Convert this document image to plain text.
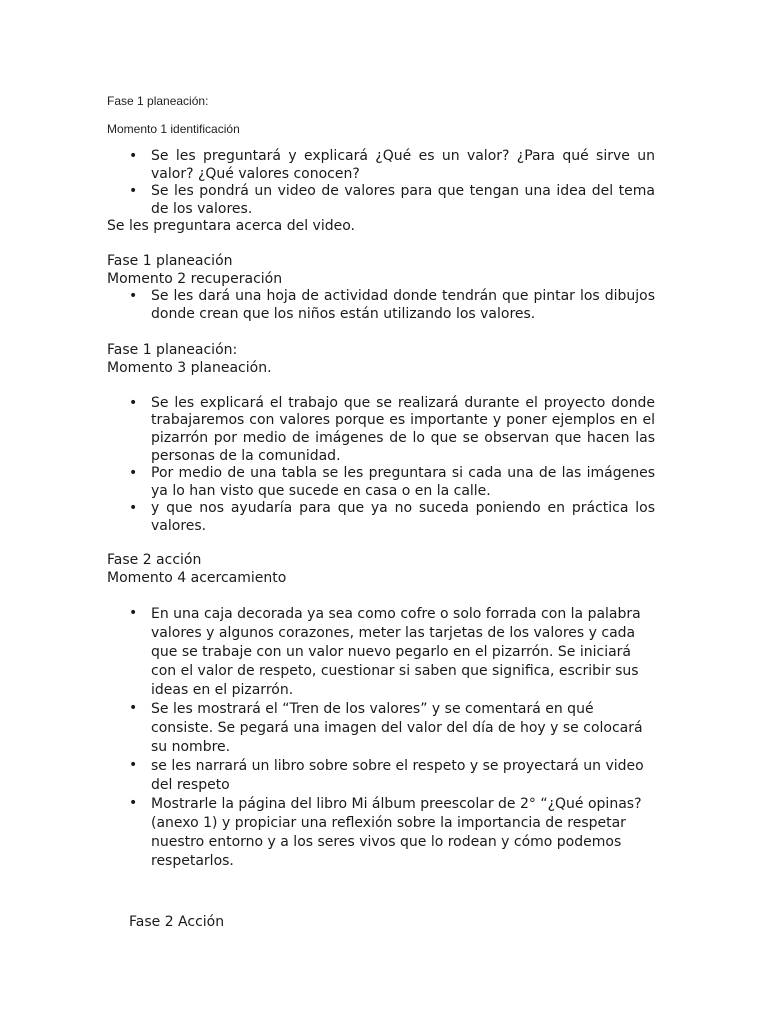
Fase 1 planeación:
Momento 1 identificación
• Se les preguntará y explicará ¿Qué es un valor? ¿Para qué sirve un valor? ¿Qué valores conocen?
• Se les pondrá un video de valores para que tengan una idea del tema de los valores.
Se les preguntara acerca del video.
Fase 1 planeación
Momento 2 recuperación
• Se les dará una hoja de actividad donde tendrán que pintar los dibujos donde crean que los niños están utilizando los valores.
Fase 1 planeación:
Momento 3 planeación.
• Se les explicará el trabajo que se realizará durante el proyecto donde trabajaremos con valores porque es importante y poner ejemplos en el pizarrón por medio de imágenes de lo que se observan que hacen las personas de la comunidad.
• Por medio de una tabla se les preguntara si cada una de las imágenes ya lo han visto que sucede en casa o en la calle.
• y que nos ayudaría para que ya no suceda poniendo en práctica los valores.
Fase 2 acción
Momento 4 acercamiento
• En una caja decorada ya sea como cofre o solo forrada con la palabra valores y algunos corazones, meter las tarjetas de los valores y cada que se trabaje con un valor nuevo pegarlo en el pizarrón. Se iniciará con el valor de respeto, cuestionar si saben que significa, escribir sus ideas en el pizarrón.
• Se les mostrará el “Tren de los valores” y se comentará en qué consiste. Se pegará una imagen del valor del día de hoy y se colocará su nombre.
• se les narrará un libro sobre sobre el respeto y se proyectará un video del respeto
• Mostrarle la página del libro Mi álbum preescolar de 2° “¿Qué opinas? (anexo 1) y propiciar una reflexión sobre la importancia de respetar nuestro entorno y a los seres vivos que lo rodean y cómo podemos respetarlos.
Fase 2 Acción
